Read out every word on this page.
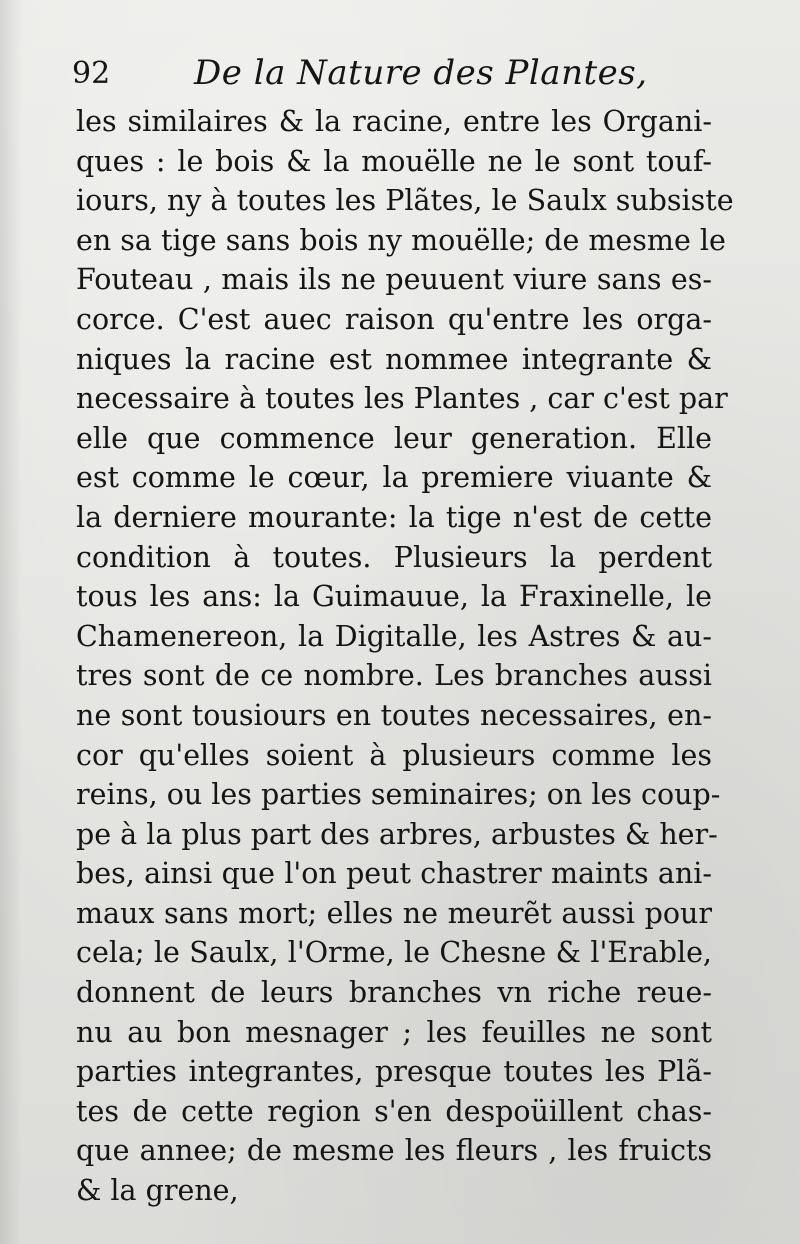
92 De la Nature des Plantes,
les similaires & la racine, entre les Organi-
ques : le bois & la mouëlle ne le sont touf-
iours, ny à toutes les Plãtes, le Saulx subsiste
en sa tige sans bois ny mouëlle; de mesme le
Fouteau , mais ils ne peuuent viure sans es-
corce. C'est auec raison qu'entre les orga-
niques la racine est nommee integrante &
necessaire à toutes les Plantes , car c'est par
elle que commence leur generation. Elle
est comme le cœur, la premiere viuante &
la derniere mourante: la tige n'est de cette
condition à toutes. Plusieurs la perdent
tous les ans: la Guimauue, la Fraxinelle, le
Chamenereon, la Digitalle, les Astres & au-
tres sont de ce nombre. Les branches aussi
ne sont tousiours en toutes necessaires, en-
cor qu'elles soient à plusieurs comme les
reins, ou les parties seminaires; on les coup-
pe à la plus part des arbres, arbustes & her-
bes, ainsi que l'on peut chastrer maints ani-
maux sans mort; elles ne meurẽt aussi pour
cela; le Saulx, l'Orme, le Chesne & l'Erable,
donnent de leurs branches vn riche reue-
nu au bon mesnager ; les feuilles ne sont
parties integrantes, presque toutes les Plã-
tes de cette region s'en despoüillent chas-
que annee; de mesme les fleurs , les fruicts
& la grene,
